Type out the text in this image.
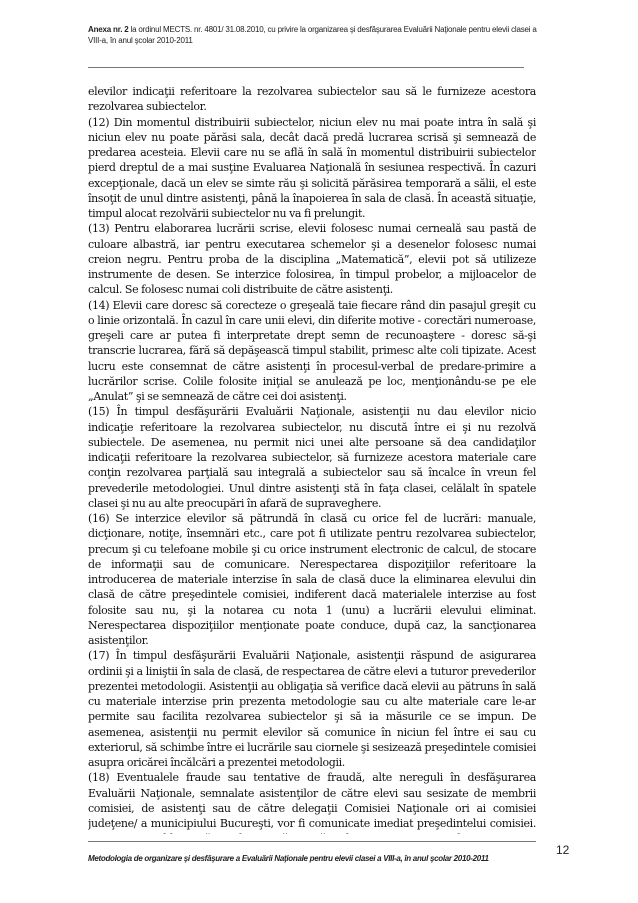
Anexa nr. 2 la ordinul MECTS. nr. 4801/ 31.08.2010, cu privire la organizarea şi desfăşurarea Evaluării Naţionale pentru elevii clasei a VIII-a, în anul şcolar 2010-2011

elevilor indicaţii referitoare la rezolvarea subiectelor sau să le furnizeze acestora rezolvarea subiectelor.

(12) Din momentul distribuirii subiectelor, niciun elev nu mai poate intra în sală şi niciun elev nu poate părăsi sala, decât dacă predă lucrarea scrisă şi semnează de predarea acesteia. Elevii care nu se află în sală în momentul distribuirii subiectelor pierd dreptul de a mai susţine Evaluarea Naţională în sesiunea respectivă. În cazuri excepţionale, dacă un elev se simte rău şi solicită părăsirea temporară a sălii, el este însoţit de unul dintre asistenţi, până la înapoierea în sala de clasă. În această situaţie, timpul alocat rezolvării subiectelor nu va fi prelungit.

(13) Pentru elaborarea lucrării scrise, elevii folosesc numai cerneală sau pastă de culoare albastră, iar pentru executarea schemelor şi a desenelor folosesc numai creion negru. Pentru proba de la disciplina „Matematică”, elevii pot să utilizeze instrumente de desen. Se interzice folosirea, în timpul probelor, a mijloacelor de calcul. Se folosesc numai coli distribuite de către asistenţi.

(14) Elevii care doresc să corecteze o greşeală taie fiecare rând din pasajul greşit cu o linie orizontală. În cazul în care unii elevi, din diferite motive - corectări numeroase, greşeli care ar putea fi interpretate drept semn de recunoaştere - doresc să-şi transcrie lucrarea, fără să depăşească timpul stabilit, primesc alte coli tipizate. Acest lucru este consemnat de către asistenţi în procesul-verbal de predare-primire a lucrărilor scrise. Colile folosite iniţial se anulează pe loc, menţionându-se pe ele „Anulat” şi se semnează de către cei doi asistenţi.

(15) În timpul desfăşurării Evaluării Naţionale, asistenţii nu dau elevilor nicio indicaţie referitoare la rezolvarea subiectelor, nu discută între ei şi nu rezolvă subiectele. De asemenea, nu permit nici unei alte persoane să dea candidaţilor indicaţii referitoare la rezolvarea subiectelor, să furnizeze acestora materiale care conţin rezolvarea parţială sau integrală a subiectelor sau să încalce în vreun fel prevederile metodologiei. Unul dintre asistenţi stă în faţa clasei, celălalt în spatele clasei şi nu au alte preocupări în afară de supraveghere.

(16) Se interzice elevilor să pătrundă în clasă cu orice fel de lucrări: manuale, dicţionare, notiţe, însemnări etc., care pot fi utilizate pentru rezolvarea subiectelor, precum şi cu telefoane mobile şi cu orice instrument electronic de calcul, de stocare de informaţii sau de comunicare. Nerespectarea dispoziţiilor referitoare la introducerea de materiale interzise în sala de clasă duce la eliminarea elevului din clasă de către preşedintele comisiei, indiferent dacă materialele interzise au fost folosite sau nu, şi la notarea cu nota 1 (unu) a lucrării elevului eliminat. Nerespectarea dispoziţiilor menţionate poate conduce, după caz, la sancţionarea asistenţilor.

(17) În timpul desfăşurării Evaluării Naţionale, asistenţii răspund de asigurarea ordinii şi a liniştii în sala de clasă, de respectarea de către elevi a tuturor prevederilor prezentei metodologii. Asistenţii au obligaţia să verifice dacă elevii au pătruns în sală cu materiale interzise prin prezenta metodologie sau cu alte materiale care le-ar permite sau facilita rezolvarea subiectelor şi să ia măsurile ce se impun. De asemenea, asistenţii nu permit elevilor să comunice în niciun fel între ei sau cu exteriorul, să schimbe între ei lucrările sau ciornele şi sesizează preşedintele comisiei asupra oricărei încălcări a prezentei metodologii.

(18) Eventualele fraude sau tentative de fraudă, alte nereguli în desfăşurarea Evaluării Naţionale, semnalate asistenţilor de către elevi sau sesizate de membrii comisiei, de asistenţi sau de către delegaţii Comisiei Naţionale ori ai comisiei judeţene/ a municipiului Bucureşti, vor fi comunicate imediat preşedintelui comisiei.

Metodologia de organizare şi desfăşurare a Evaluării Naţionale pentru elevii clasei a VIII-a, în anul şcolar 2010-2011
12
